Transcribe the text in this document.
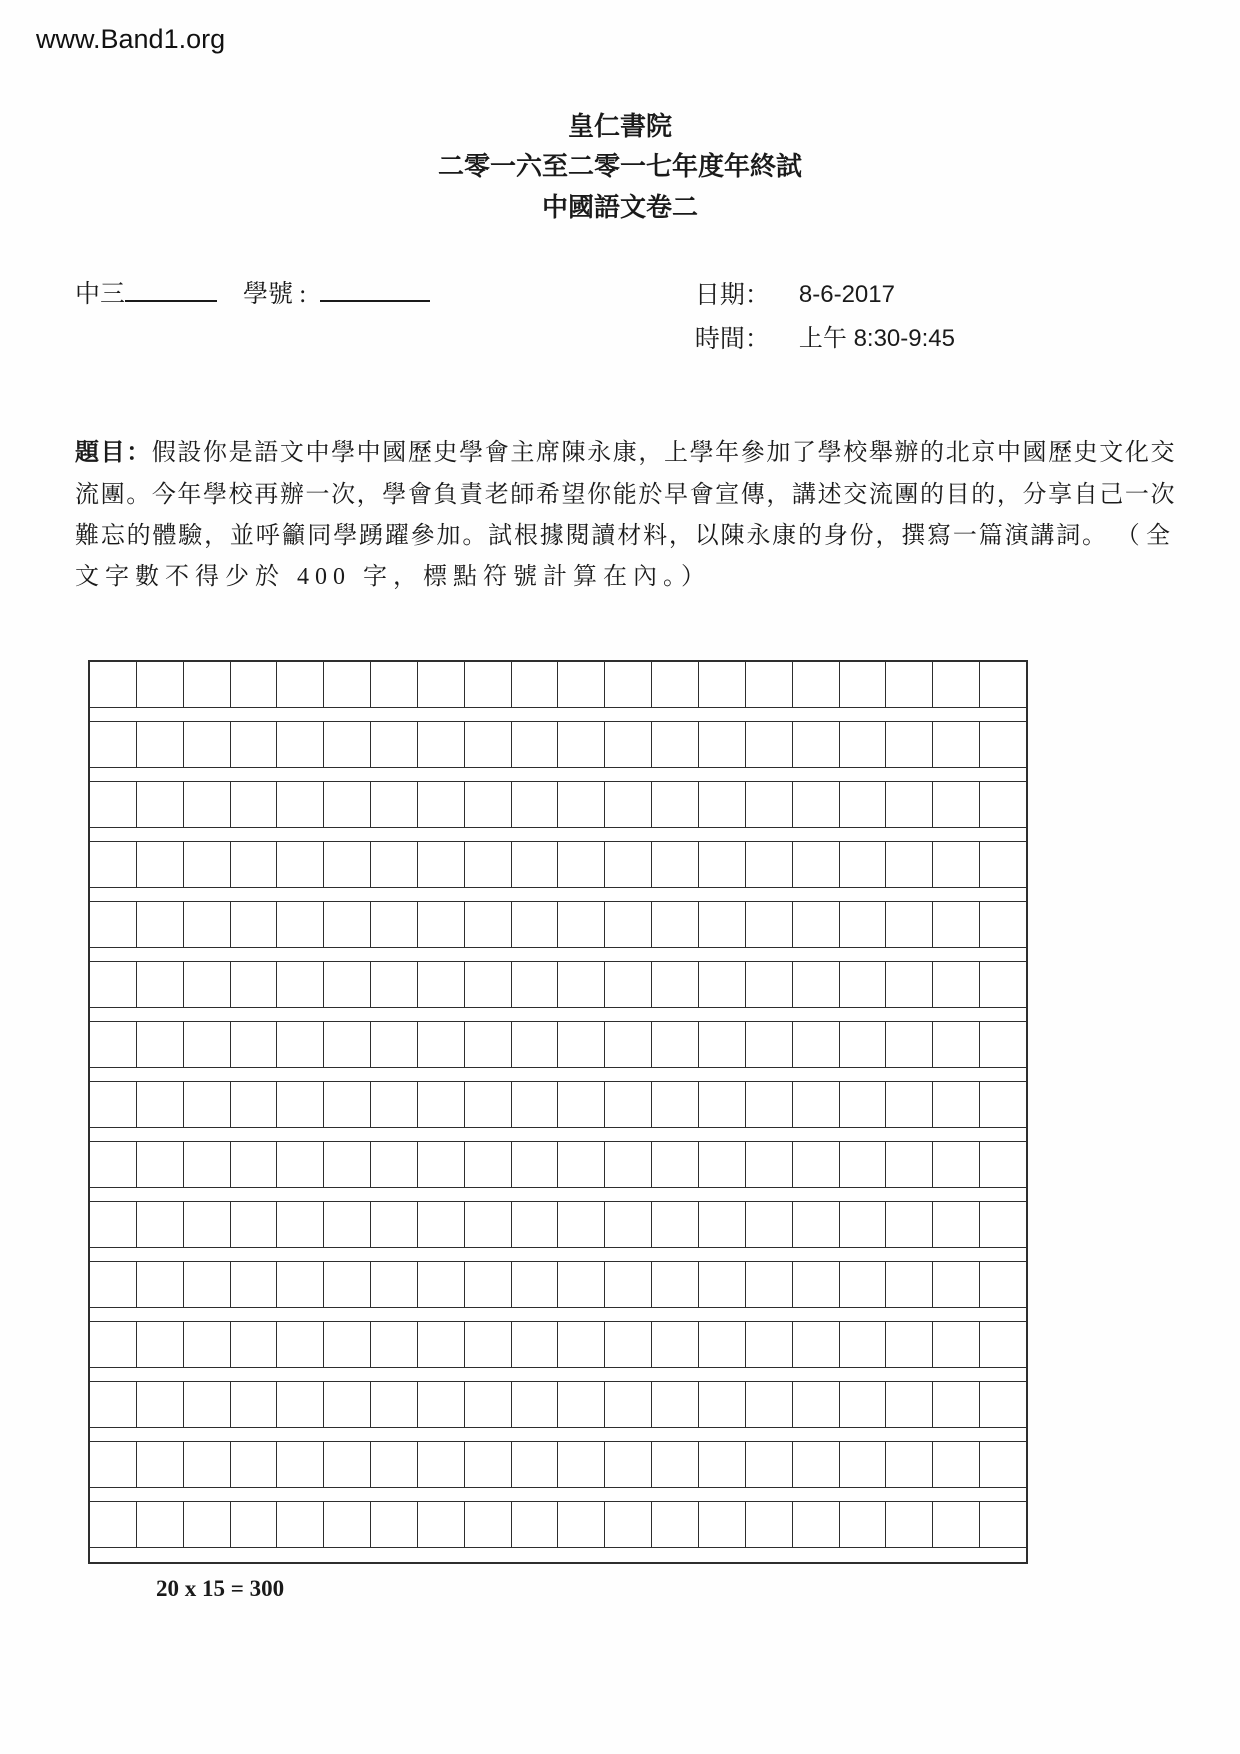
www.Band1.org
皇仁書院
二零一六至二零一七年度年終試
中國語文卷二
中三	學號 :	日期：	8-6-2017
時間：	上午 8:30-9:45

題目：假設你是語文中學中國歷史學會主席陳永康，上學年參加了學校舉辦的北京中國歷史文化交流團。今年學校再辦一次，學會負責老師希望你能於早會宣傳，講述交流團的目的，分享自己一次難忘的體驗，並呼籲同學踴躍參加。試根據閱讀材料，以陳永康的身份，撰寫一篇演講詞。 （全文字數不得少於 400 字，標點符號計算在內。）

20 x 15 = 300
